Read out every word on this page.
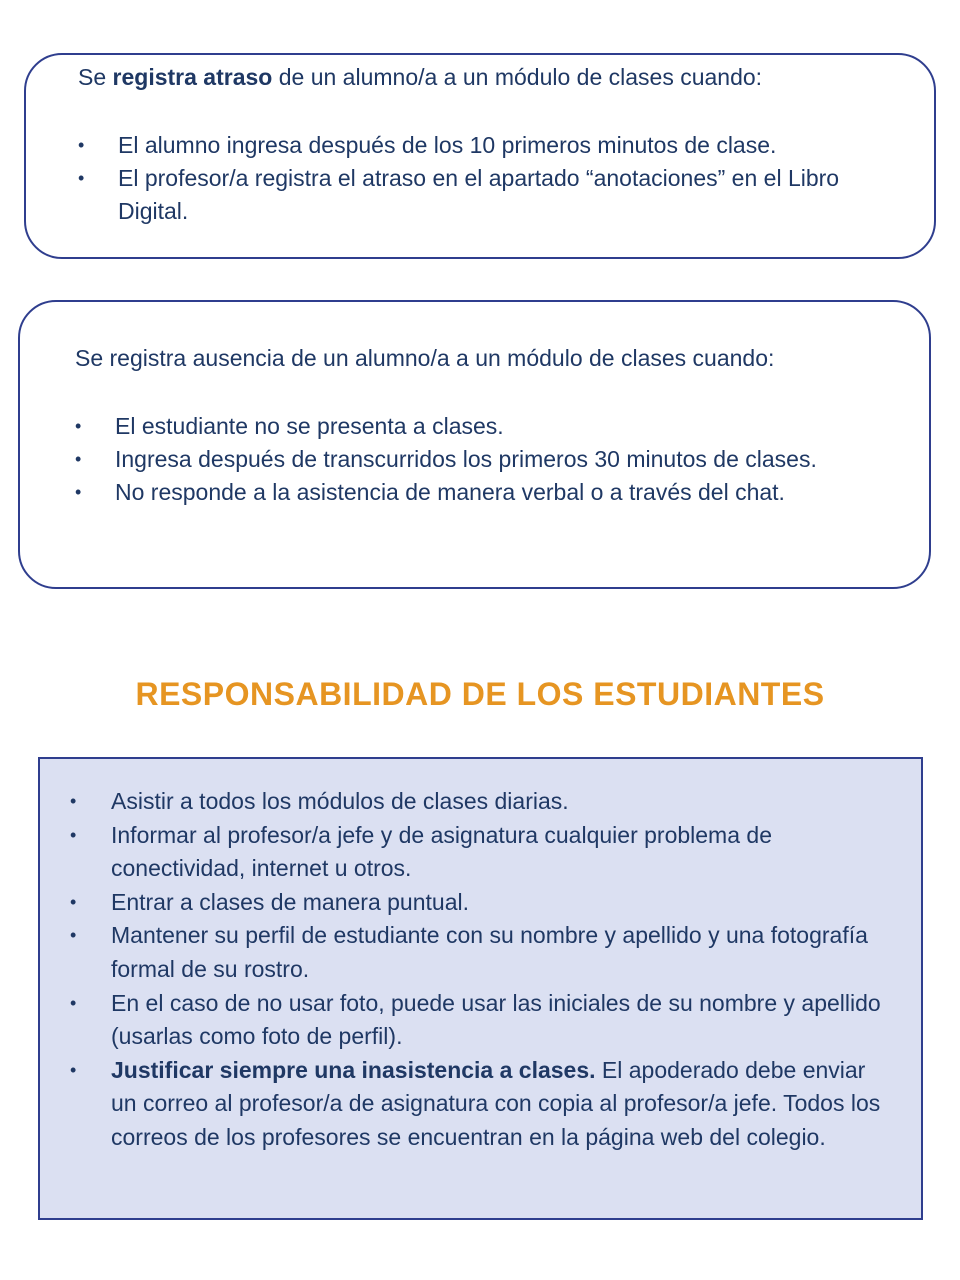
Se registra atraso de un alumno/a a un módulo de clases cuando:

•	El alumno ingresa después de los 10 primeros minutos de clase.
•	El profesor/a registra el atraso en el apartado “anotaciones” en el Libro Digital.

Se registra ausencia de un alumno/a a un módulo de clases cuando:

•	El estudiante no se presenta a clases.
•	Ingresa después de transcurridos los primeros 30 minutos de clases.
•	No responde a la asistencia de manera verbal o a través del chat.
RESPONSABILIDAD DE LOS ESTUDIANTES
•	Asistir a todos los módulos de clases diarias.
•	Informar al profesor/a jefe y de asignatura cualquier problema de conectividad, internet u otros.
•	Entrar a clases de manera puntual.
•	Mantener su perfil de estudiante con su nombre y apellido y una fotografía formal de su rostro.
•	En el caso de no usar foto, puede usar las iniciales de su nombre y apellido (usarlas como foto de perfil).
•	Justificar siempre una inasistencia a clases. El apoderado debe enviar un correo al profesor/a de asignatura con copia al profesor/a jefe. Todos los correos de los profesores se encuentran en la página web del colegio.
